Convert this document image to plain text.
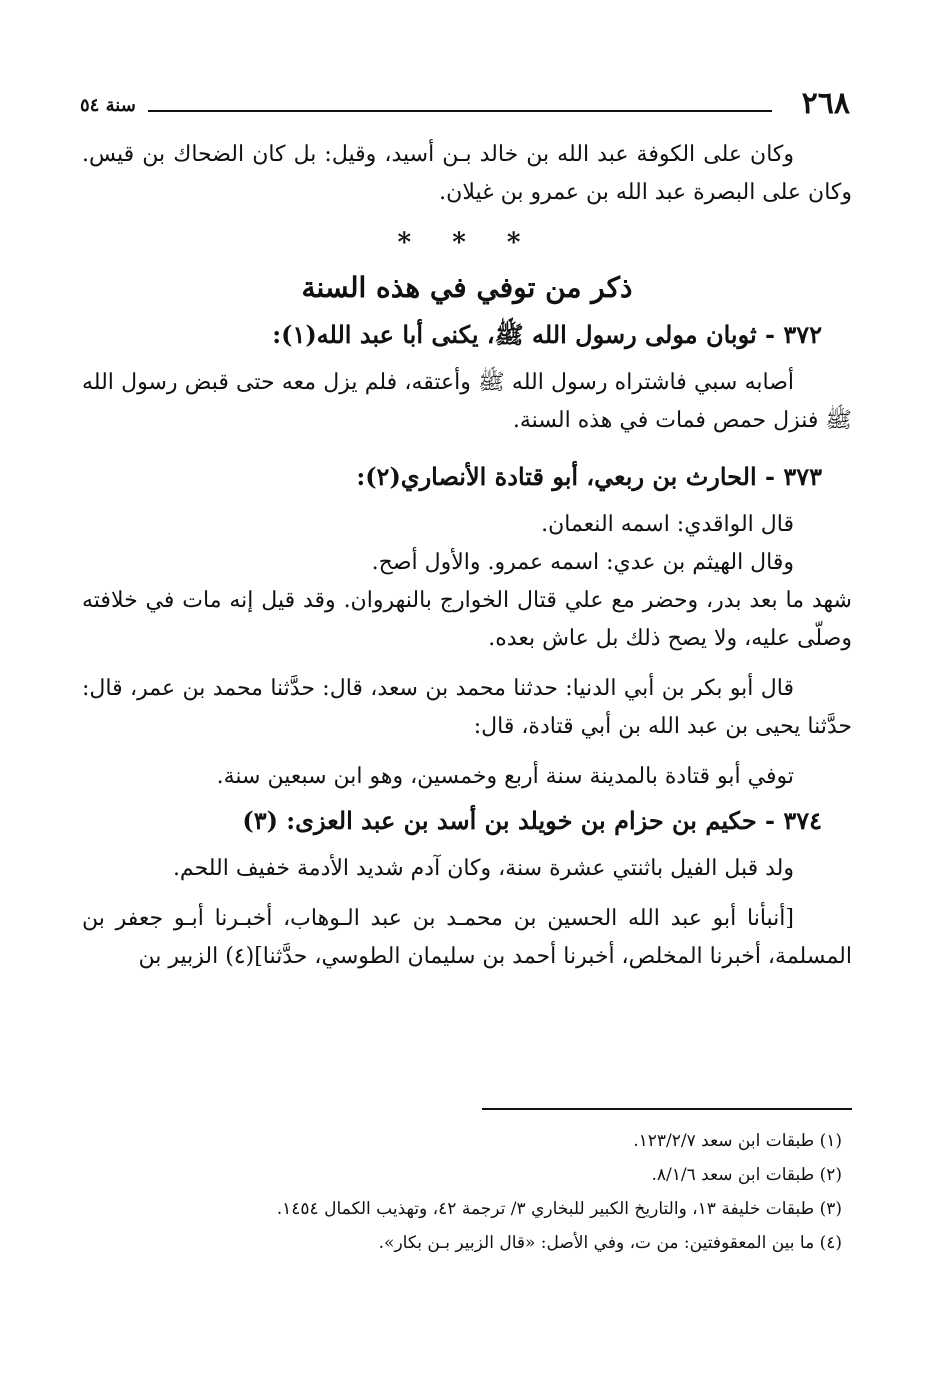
٢٦٨
سنة ٥٤

وكان على الكوفة عبد الله بن خالد بـن أسيد، وقيل: بل كان الضحاك بن قيس. وكان على البصرة عبد الله بن عمرو بن غيلان.

* * *
ذكر من توفي في هذه السنة
٣٧٢ - ثوبان مولى رسول الله ﷺ، يكنى أبا عبد الله(١):

أصابه سبي فاشتراه رسول الله ﷺ وأعتقه، فلم يزل معه حتى قبض رسول الله ﷺ فنزل حمص فمات في هذه السنة.

٣٧٣ - الحارث بن ربعي، أبو قتادة الأنصاري(٢):

قال الواقدي: اسمه النعمان.

وقال الهيثم بن عدي: اسمه عمرو. والأول أصح.

شهد ما بعد بدر، وحضر مع علي قتال الخوارج بالنهروان. وقد قيل إنه مات في خلافته وصلّى عليه، ولا يصح ذلك بل عاش بعده.

قال أبو بكر بن أبي الدنيا: حدثنا محمد بن سعد، قال: حدَّثنا محمد بن عمر، قال: حدَّثنا يحيى بن عبد الله بن أبي قتادة، قال:

توفي أبو قتادة بالمدينة سنة أربع وخمسين، وهو ابن سبعين سنة.

٣٧٤ - حكيم بن حزام بن خويلد بن أسد بن عبد العزى: (٣)

ولد قبل الفيل باثنتي عشرة سنة، وكان آدم شديد الأدمة خفيف اللحم.

[أنبأنا أبو عبد الله الحسين بن محمـد بن عبد الـوهاب، أخبـرنا أبـو جعفر بن المسلمة، أخبرنا المخلص، أخبرنا أحمد بن سليمان الطوسي، حدَّثنا](٤) الزبير بن

(١) طبقات ابن سعد ١٢٣/٢/٧.

(٢) طبقات ابن سعد ٨/١/٦.

(٣) طبقات خليفة ١٣، والتاريخ الكبير للبخاري ٣/ ترجمة ٤٢، وتهذيب الكمال ١٤٥٤.

(٤) ما بين المعقوفتين: من ت، وفي الأصل: «قال الزبير بـن بكار».
